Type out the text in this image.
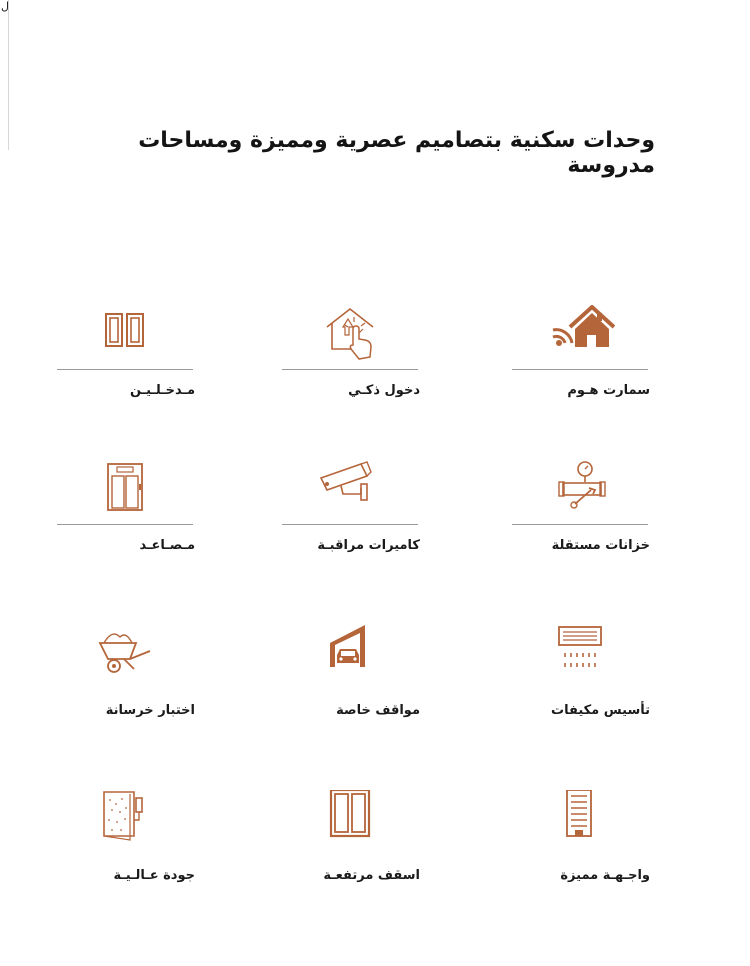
ل
وحدات سكنية بتصاميم عصرية ومميزة ومساحات مدروسة
سمارت هـوم
دخول ذكـي
مـدخـلـيـن
خزانات مستقلة
كاميرات مراقبـة
مـصـاعـد
تأسيس مكيفات
مواقف خاصة
اختبار خرسانة
واجـهـة مميزة
اسقف مرتفعـة
جودة عـالـيـة
